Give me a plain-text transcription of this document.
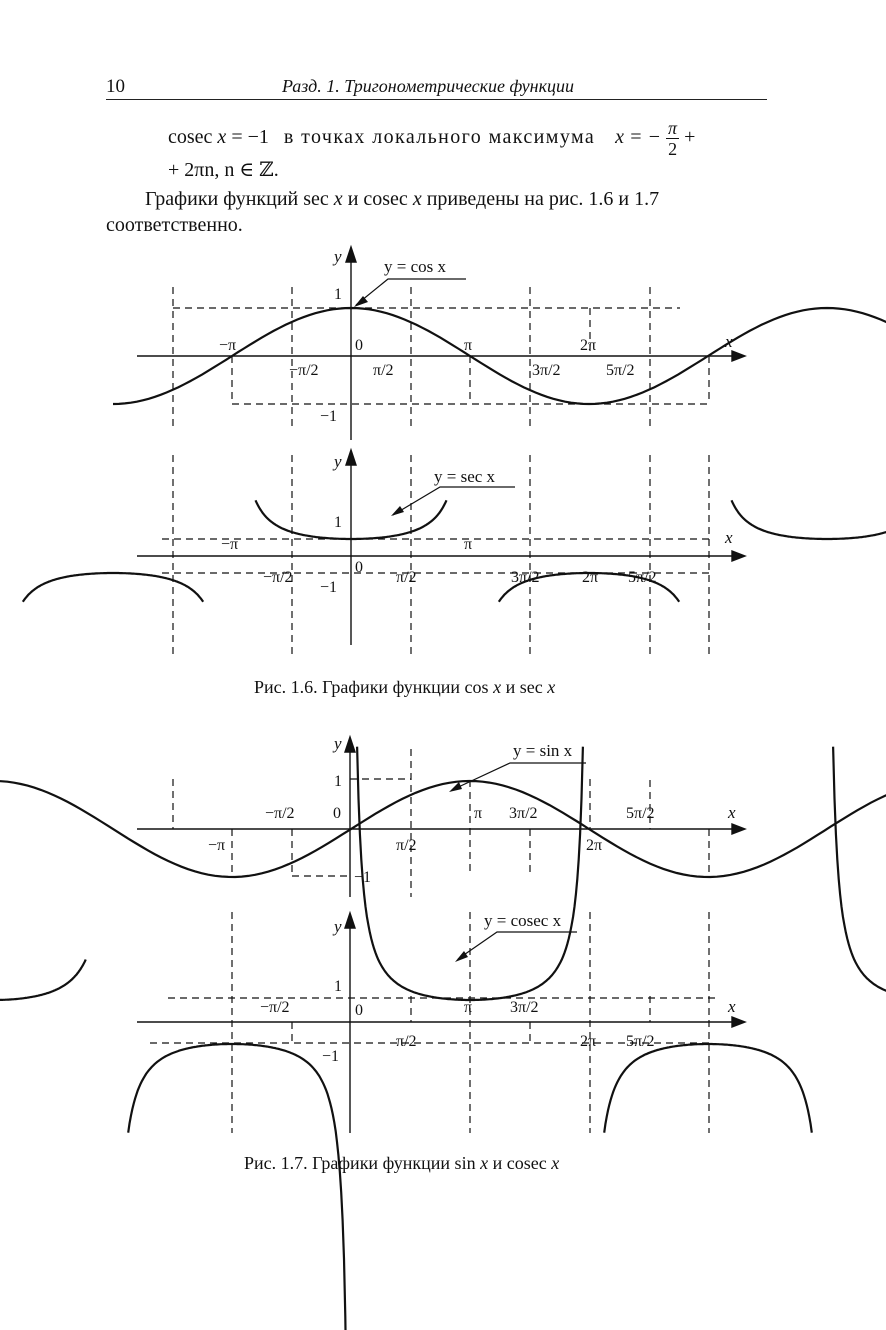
10	Разд. 1. Тригонометрические функции
cosec x = −1 в точках локального максимума x = − $\frac{\pi}{2}$ +
+ 2πn, n ∈ ℤ.
Графики функций sec x и cosec x приведены на рис. 1.6 и 1.7
соответственно.
y = cos x
y = sec x
y
x
y
x
−π	0	π	2π
−π/2	π/2	3π/2	5π/2
1
−1
−π	π
0
−π/2	π/2	3π/2	2π 5π/2
1
−1
Рис. 1.6. Графики функции cos x и sec x
y = sin x
y = cosec x
y
x
y
x
−π/2 0	π 3π/2	5π/2
−π	π/2	2π
1
−1
−π/2	0	π 3π/2
π/2	2π 5π/2
1
−1
Рис. 1.7. Графики функции sin x и cosec x
